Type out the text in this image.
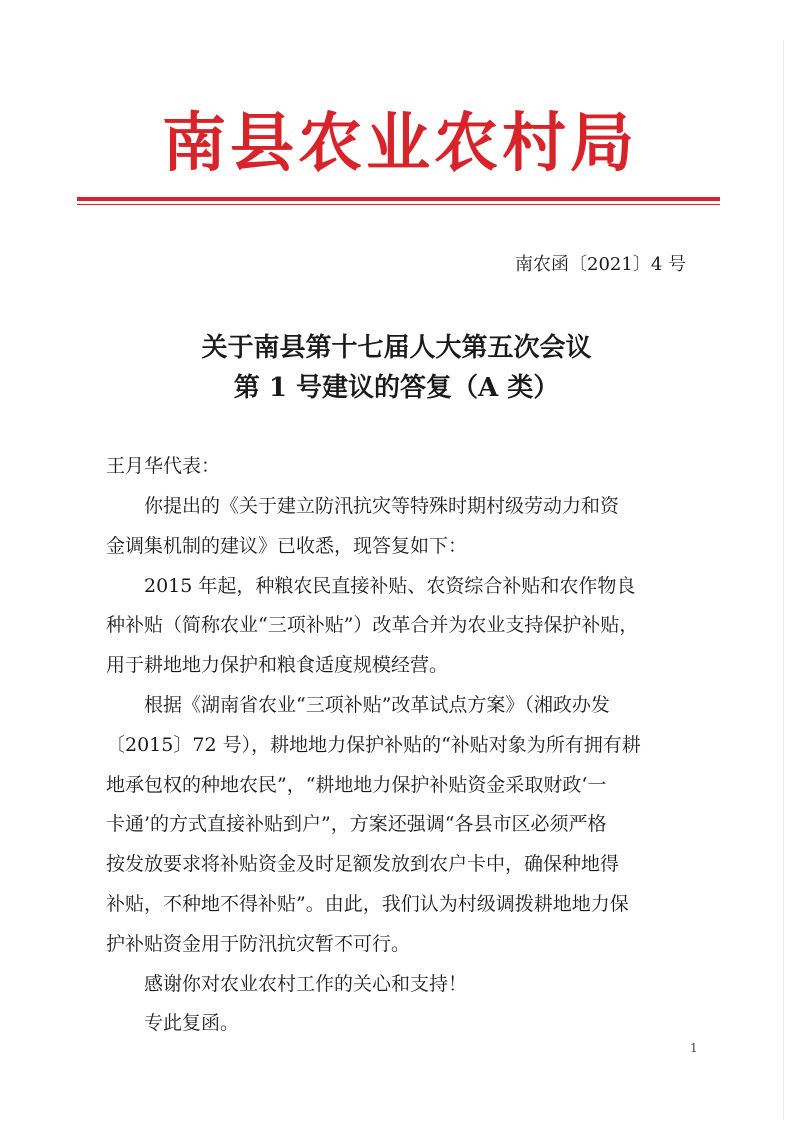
南县农业农村局
南农函〔2021〕4 号
关于南县第十七届人大第五次会议
第 1 号建议的答复（A 类）
王月华代表：
　　你提出的《关于建立防汛抗灾等特殊时期村级劳动力和资
金调集机制的建议》已收悉，现答复如下：
　　2015 年起，种粮农民直接补贴、农资综合补贴和农作物良
种补贴（简称农业“三项补贴”）改革合并为农业支持保护补贴，
用于耕地地力保护和粮食适度规模经营。
　　根据《湖南省农业“三项补贴”改革试点方案》（湘政办发
〔2015〕72 号），耕地地力保护补贴的“补贴对象为所有拥有耕
地承包权的种地农民”，“耕地地力保护补贴资金采取财政‘一
卡通’的方式直接补贴到户”，方案还强调“各县市区必须严格
按发放要求将补贴资金及时足额发放到农户卡中，确保种地得
补贴，不种地不得补贴”。由此，我们认为村级调拨耕地地力保
护补贴资金用于防汛抗灾暂不可行。
　　感谢你对农业农村工作的关心和支持！
　　专此复函。
1
